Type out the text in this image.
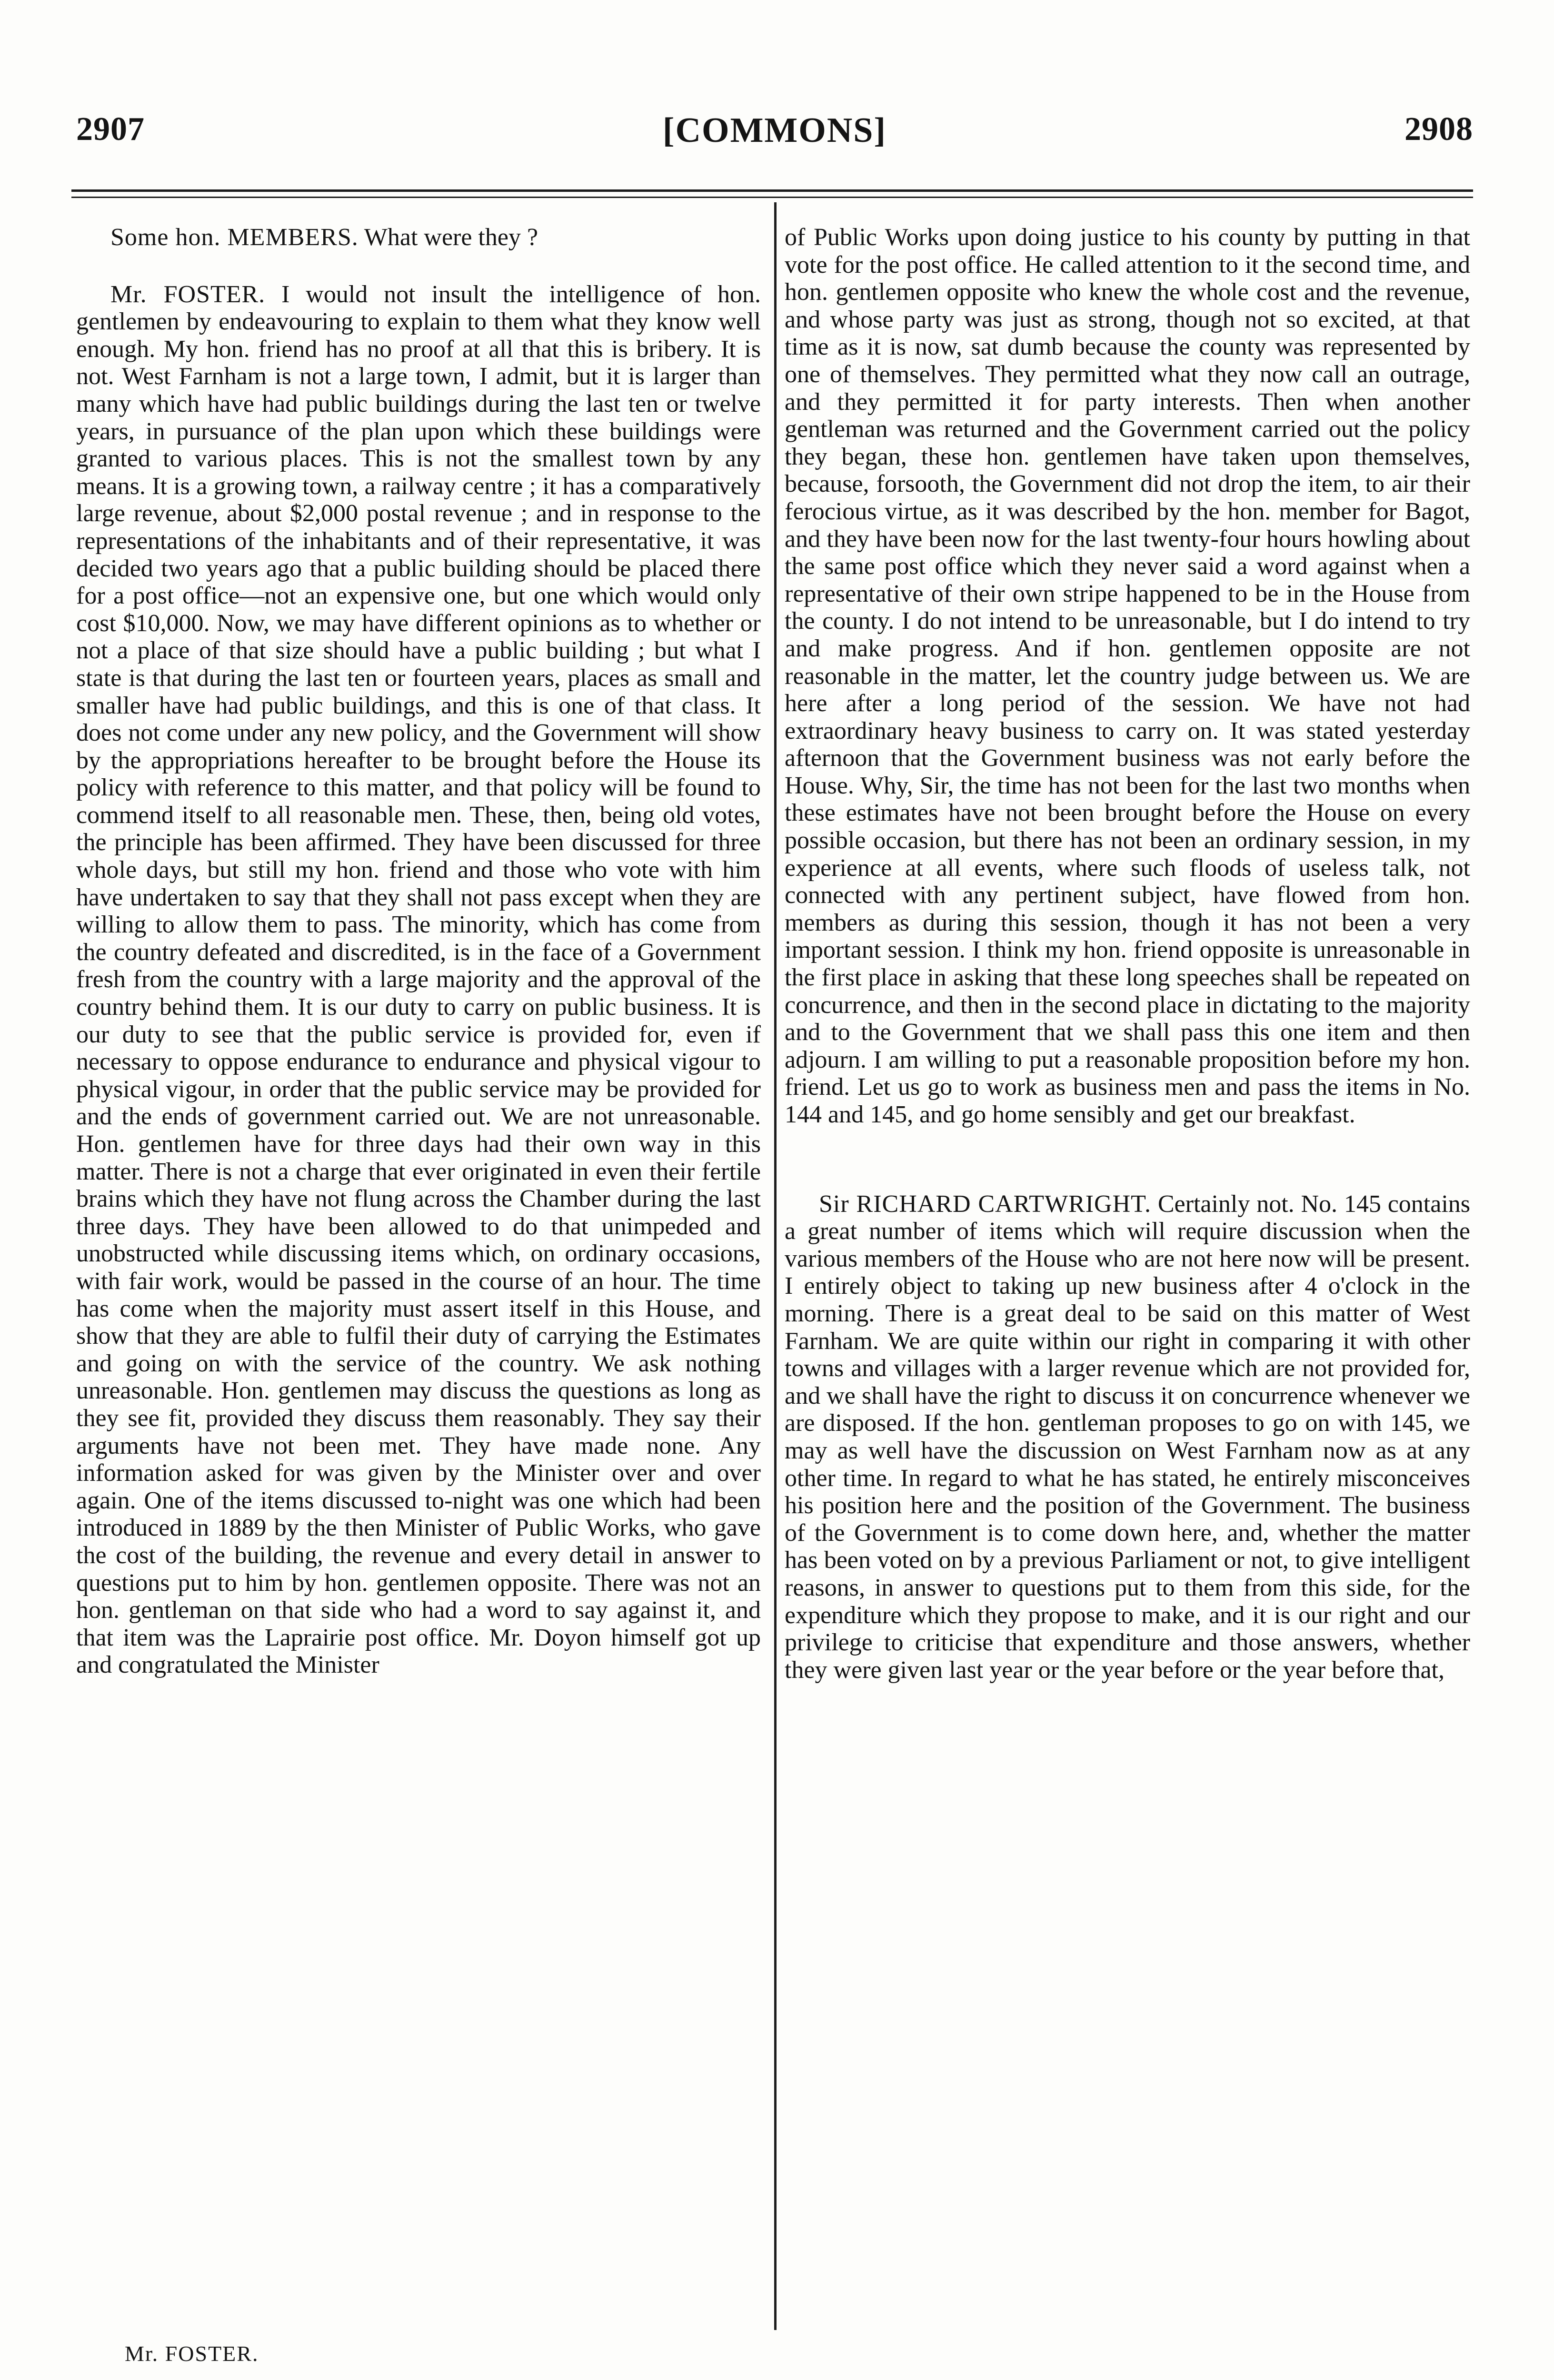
2907	[COMMONS]	2908

Some hon. MEMBERS. What were they ?

Mr. FOSTER. I would not insult the intelligence of hon. gentlemen by endeavouring to explain to them what they know well enough. My hon. friend has no proof at all that this is bribery. It is not. West Farnham is not a large town, I admit, but it is larger than many which have had public buildings during the last ten or twelve years, in pursuance of the plan upon which these buildings were granted to various places. This is not the smallest town by any means. It is a growing town, a railway centre ; it has a comparatively large revenue, about $2,000 postal revenue ; and in response to the representations of the inhabitants and of their representative, it was decided two years ago that a public building should be placed there for a post office—not an expensive one, but one which would only cost $10,000. Now, we may have different opinions as to whether or not a place of that size should have a public building ; but what I state is that during the last ten or fourteen years, places as small and smaller have had public buildings, and this is one of that class. It does not come under any new policy, and the Government will show by the appropriations hereafter to be brought before the House its policy with reference to this matter, and that policy will be found to commend itself to all reasonable men. These, then, being old votes, the principle has been affirmed. They have been discussed for three whole days, but still my hon. friend and those who vote with him have undertaken to say that they shall not pass except when they are willing to allow them to pass. The minority, which has come from the country defeated and discredited, is in the face of a Government fresh from the country with a large majority and the approval of the country behind them. It is our duty to carry on public business. It is our duty to see that the public service is provided for, even if necessary to oppose endurance to endurance and physical vigour to physical vigour, in order that the public service may be provided for and the ends of government carried out. We are not unreasonable. Hon. gentlemen have for three days had their own way in this matter. There is not a charge that ever originated in even their fertile brains which they have not flung across the Chamber during the last three days. They have been allowed to do that unimpeded and unobstructed while discussing items which, on ordinary occasions, with fair work, would be passed in the course of an hour. The time has come when the majority must assert itself in this House, and show that they are able to fulfil their duty of carrying the Estimates and going on with the service of the country. We ask nothing unreasonable. Hon. gentlemen may discuss the questions as long as they see fit, provided they discuss them reasonably. They say their arguments have not been met. They have made none. Any information asked for was given by the Minister over and over again. One of the items discussed to-night was one which had been introduced in 1889 by the then Minister of Public Works, who gave the cost of the building, the revenue and every detail in answer to questions put to him by hon. gentlemen opposite. There was not an hon. gentleman on that side who had a word to say against it, and that item was the Laprairie post office. Mr. Doyon himself got up and congratulated the Minister

of Public Works upon doing justice to his county by putting in that vote for the post office. He called attention to it the second time, and hon. gentlemen opposite who knew the whole cost and the revenue, and whose party was just as strong, though not so excited, at that time as it is now, sat dumb because the county was represented by one of themselves. They permitted what they now call an outrage, and they permitted it for party interests. Then when another gentleman was returned and the Government carried out the policy they began, these hon. gentlemen have taken upon themselves, because, forsooth, the Government did not drop the item, to air their ferocious virtue, as it was described by the hon. member for Bagot, and they have been now for the last twenty-four hours howling about the same post office which they never said a word against when a representative of their own stripe happened to be in the House from the county. I do not intend to be unreasonable, but I do intend to try and make progress. And if hon. gentlemen opposite are not reasonable in the matter, let the country judge between us. We are here after a long period of the session. We have not had extraordinary heavy business to carry on. It was stated yesterday afternoon that the Government business was not early before the House. Why, Sir, the time has not been for the last two months when these estimates have not been brought before the House on every possible occasion, but there has not been an ordinary session, in my experience at all events, where such floods of useless talk, not connected with any pertinent subject, have flowed from hon. members as during this session, though it has not been a very important session. I think my hon. friend opposite is unreasonable in the first place in asking that these long speeches shall be repeated on concurrence, and then in the second place in dictating to the majority and to the Government that we shall pass this one item and then adjourn. I am willing to put a reasonable proposition before my hon. friend. Let us go to work as business men and pass the items in No. 144 and 145, and go home sensibly and get our breakfast.

Sir RICHARD CARTWRIGHT. Certainly not. No. 145 contains a great number of items which will require discussion when the various members of the House who are not here now will be present. I entirely object to taking up new business after 4 o'clock in the morning. There is a great deal to be said on this matter of West Farnham. We are quite within our right in comparing it with other towns and villages with a larger revenue which are not provided for, and we shall have the right to discuss it on concurrence whenever we are disposed. If the hon. gentleman proposes to go on with 145, we may as well have the discussion on West Farnham now as at any other time. In regard to what he has stated, he entirely misconceives his position here and the position of the Government. The business of the Government is to come down here, and, whether the matter has been voted on by a previous Parliament or not, to give intelligent reasons, in answer to questions put to them from this side, for the expenditure which they propose to make, and it is our right and our privilege to criticise that expenditure and those answers, whether they were given last year or the year before or the year before that,

Mr. FOSTER.
